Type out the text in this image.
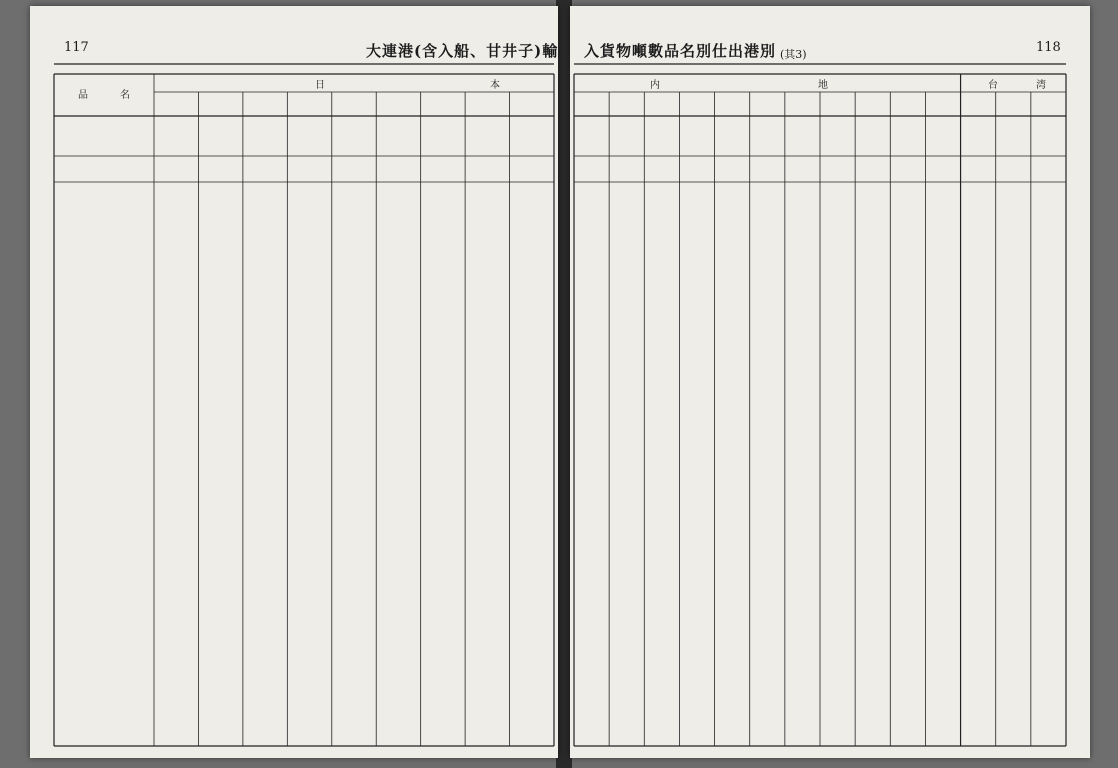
117	大連港(含入船、甘井子)輸
品　　名
日	本
入貨物噸數品名別仕出港別 (其3)	118
内	地	台	湾
